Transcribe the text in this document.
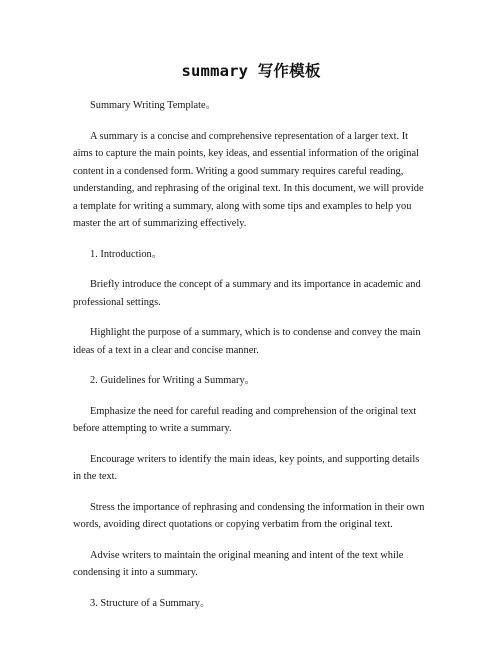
summary 写作模板

Summary Writing Template。

A summary is a concise and comprehensive representation of a larger text. It aims to capture the main points, key ideas, and essential information of the original content in a condensed form. Writing a good summary requires careful reading, understanding, and rephrasing of the original text. In this document, we will provide a template for writing a summary, along with some tips and examples to help you master the art of summarizing effectively.

1. Introduction。

Briefly introduce the concept of a summary and its importance in academic and professional settings.

Highlight the purpose of a summary, which is to condense and convey the main ideas of a text in a clear and concise manner.

2. Guidelines for Writing a Summary。

Emphasize the need for careful reading and comprehension of the original text before attempting to write a summary.

Encourage writers to identify the main ideas, key points, and supporting details in the text.

Stress the importance of rephrasing and condensing the information in their own words, avoiding direct quotations or copying verbatim from the original text.

Advise writers to maintain the original meaning and intent of the text while condensing it into a summary.

3. Structure of a Summary。
